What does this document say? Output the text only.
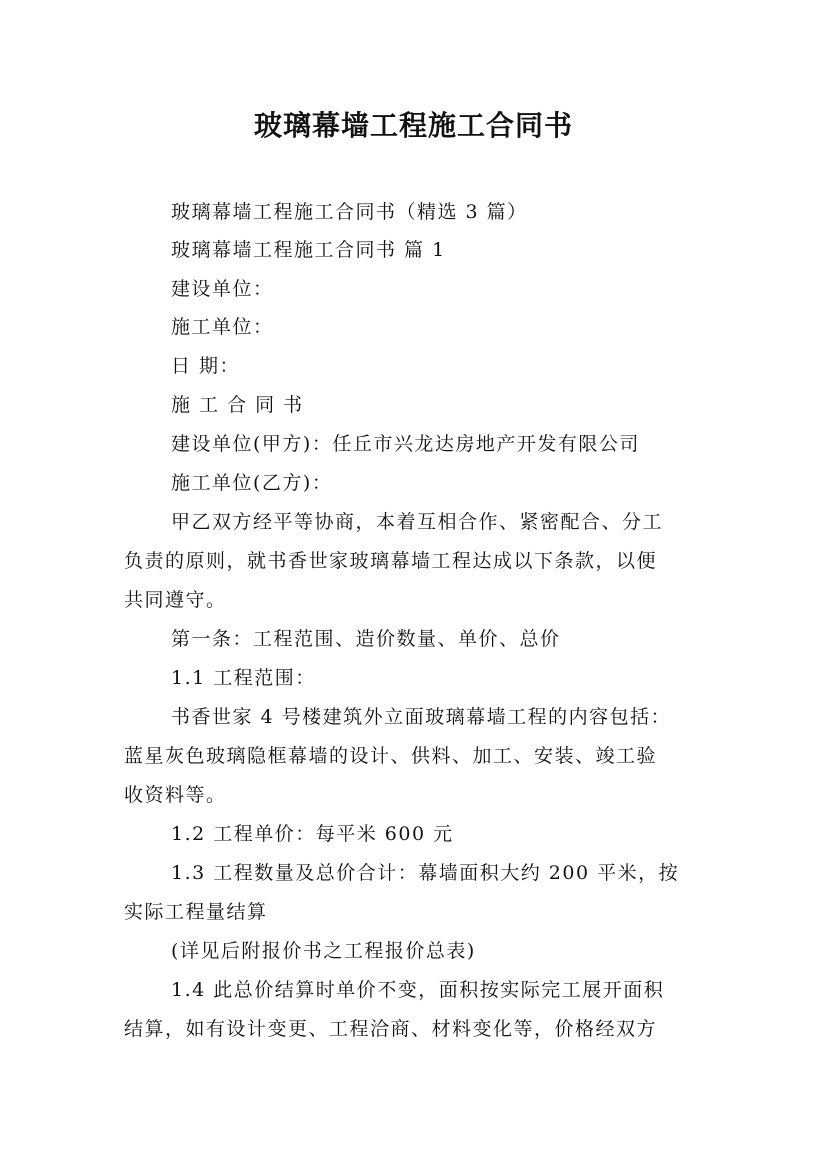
玻璃幕墙工程施工合同书
玻璃幕墙工程施工合同书（精选 3 篇）
玻璃幕墙工程施工合同书 篇 1
建设单位：
施工单位：
日 期：
施 工 合 同 书
建设单位(甲方)：任丘市兴龙达房地产开发有限公司
施工单位(乙方)：
甲乙双方经平等协商，本着互相合作、紧密配合、分工
负责的原则，就书香世家玻璃幕墙工程达成以下条款，以便
共同遵守。
第一条：工程范围、造价数量、单价、总价
1.1 工程范围：
书香世家 4 号楼建筑外立面玻璃幕墙工程的内容包括：
蓝星灰色玻璃隐框幕墙的设计、供料、加工、安装、竣工验
收资料等。
1.2 工程单价：每平米 600 元
1.3 工程数量及总价合计：幕墙面积大约 200 平米，按
实际工程量结算
(详见后附报价书之工程报价总表)
1.4 此总价结算时单价不变，面积按实际完工展开面积
结算，如有设计变更、工程洽商、材料变化等，价格经双方
